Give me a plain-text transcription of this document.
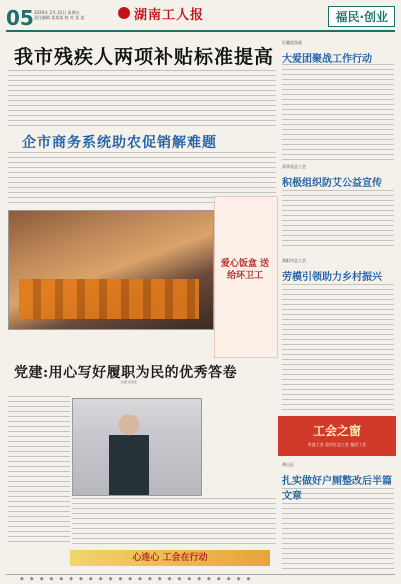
05 2020年 2月 21日 星期五
责任编辑 某某某 校 对 某 某	湖南工人报	福民·创业
我市残疾人两项补贴标准提高
企市商务系统助农促销解难题
爱心饭盒 送给环卫工
党建:用心写好履职为民的优秀答卷
文/图 某某某
打赢攻坚战
大爱团聚战工作行动
清华县总工会
积极组织防艾公益宣传
浏阳市总工会
劳模引领助力乡村振兴
工会之窗
市直工会 县市区总工会 基层工会
黄山区
扎实做好户厕整改后半篇文章
心连心 工会在行动
◆◆◆◆◆◆◆◆◆◆◆◆◆◆◆◆◆◆◆◆◆◆◆◆
